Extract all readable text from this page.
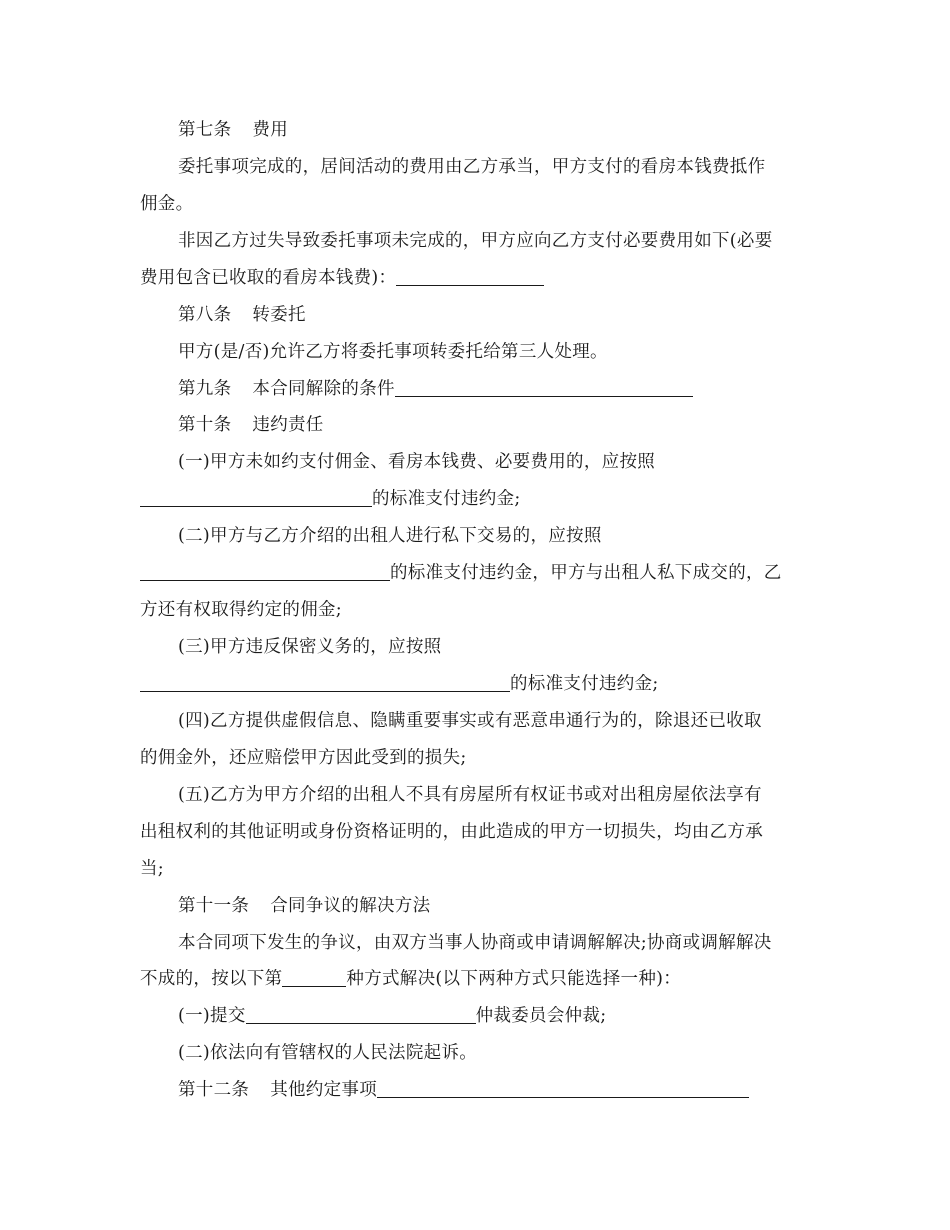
第七条 费用
委托事项完成的，居间活动的费用由乙方承当，甲方支付的看房本钱费抵作
佣金。
非因乙方过失导致委托事项未完成的，甲方应向乙方支付必要费用如下(必要
费用包含已收取的看房本钱费)：
第八条 转委托
甲方(是/否)允许乙方将委托事项转委托给第三人处理。
第九条 本合同解除的条件
第十条 违约责任
(一)甲方未如约支付佣金、看房本钱费、必要费用的，应按照
的标准支付违约金;
(二)甲方与乙方介绍的出租人进行私下交易的，应按照
的标准支付违约金，甲方与出租人私下成交的，乙
方还有权取得约定的佣金;
(三)甲方违反保密义务的，应按照
的标准支付违约金;
(四)乙方提供虚假信息、隐瞒重要事实或有恶意串通行为的，除退还已收取
的佣金外，还应赔偿甲方因此受到的损失;
(五)乙方为甲方介绍的出租人不具有房屋所有权证书或对出租房屋依法享有
出租权利的其他证明或身份资格证明的，由此造成的甲方一切损失，均由乙方承
当;
第十一条 合同争议的解决方法
本合同项下发生的争议，由双方当事人协商或申请调解解决;协商或调解解决
不成的，按以下第	种方式解决(以下两种方式只能选择一种)：
(一)提交	仲裁委员会仲裁;
(二)依法向有管辖权的人民法院起诉。
第十二条 其他约定事项
